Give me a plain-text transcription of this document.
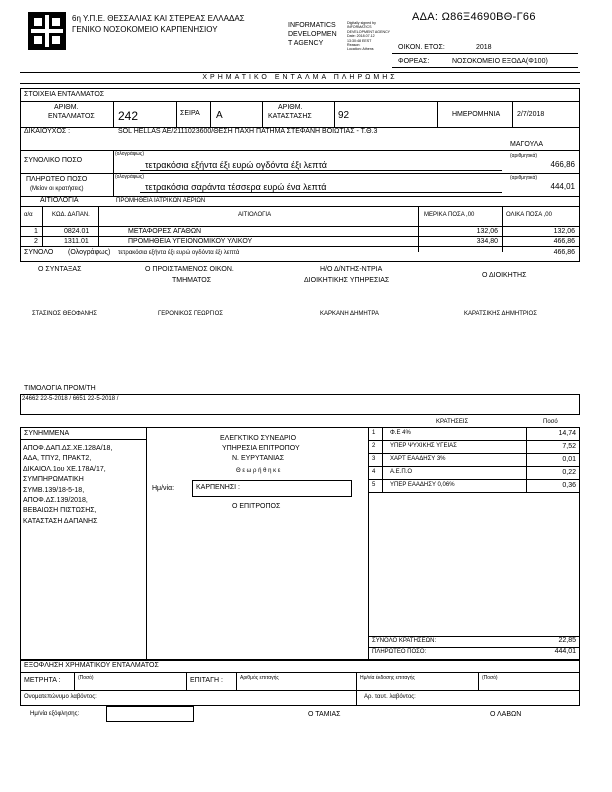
6η Υ.Π.Ε. ΘΕΣΣΑΛΙΑΣ ΚΑΙ ΣΤΕΡΕΑΣ ΕΛΛΑΔΑΣ
ΓΕΝΙΚΟ ΝΟΣΟΚΟΜΕΙΟ ΚΑΡΠΕΝΗΣΙΟΥ	INFORMATICS
DEVELOPMEN
T AGENCY
Digitally signed by
INFORMATICS
DEVELOPMENT AGENCY
Date: 2018.07.12
13:30:48 EEST
Reason:
Location: Athens
ΑΔΑ: Ω86Ξ4690ΒΘ-Γ66
ΟΙΚΟΝ. ΕΤΟΣ:	2018
ΦΟΡΕΑΣ:	ΝΟΣΟΚΟΜΕΙΟ ΕΞΟΔΑ(Φ100)
ΧΡΗΜΑΤΙΚΟ ΕΝΤΑΛΜΑ ΠΛΗΡΩΜΗΣ
ΣΤΟΙΧΕΙΑ ΕΝΤΑΛΜΑΤΟΣ
ΑΡΙΘΜ.
ΕΝΤΑΛΜΑΤΟΣ 242	ΣΕΙΡΑ Α
ΑΡΙΘΜ.
ΚΑΤΑΣΤΑΣΗΣ	92	ΗΜΕΡΟΜΗΝΙΑ 2/7/2018
ΔΙΚΑΙΟΥΧΟΣ :	SOL HELLAS AE/2111023600/ΘΕΣΗ ΠΑΧΗ ΠΑΤΗΜΑ ΣΤΕΦΑΝΗ ΒΟΙΩΤΙΑΣ - Τ.Θ.3
ΜΑΓΟΥΛΑ
ΣΥΝΟΛΙΚΟ ΠΟΣΟ
(ολογράφως)
τετρακόσια εξήντα έξι ευρώ ογδόντα έξι λεπτά
(αριθμητικά)
466,86
ΠΛΗΡΩΤΕΟ ΠΟΣΟ
(Μείον οι κρατήσεις)
(ολογράφως)
τετρακόσια σαράντα τέσσερα ευρώ ένα λεπτά
(αριθμητικά)
444,01
ΑΙΤΙΟΛΟΓΙΑ	ΠΡΟΜΗΘΕΙΑ ΙΑΤΡΙΚΩΝ ΑΕΡΙΩΝ
α/α	ΚΩΔ. ΔΑΠΑΝ.	ΑΙΤΙΟΛΟΓΙΑ	ΜΕΡΙΚΑ ΠΟΣΑ ,00	ΟΛΙΚΑ ΠΟΣΑ ,00
1	0824.01	ΜΕΤΑΦΟΡΕΣ ΑΓΑΘΩΝ	132,06	132,06
2	1311.01	ΠΡΟΜΗΘΕΙΑ ΥΓΕΙΟΝΟΜΙΚΟΥ ΥΛΙΚΟΥ	334,80	466,86
ΣΥΝΟΛΟ (Ολογράφως) τετρακόσια εξήντα έξι ευρώ ογδόντα έξι λεπτά	466,86
Ο ΣΥΝΤΑΞΑΣ	Ο ΠΡΟΙΣΤΑΜΕΝΟΣ ΟΙΚΟΝ.
ΤΜΗΜΑΤΟΣ
Η/Ο Δ/ΝΤΗΣ-ΝΤΡΙΑ
ΔΙΟΙΚΗΤΙΚΗΣ ΥΠΗΡΕΣΙΑΣ
Ο ΔΙΟΙΚΗΤΗΣ
ΣΤΑΣΙΝΟΣ ΘΕΟΦΑΝΗΣ	ΓΕΡΟΝΙΚΟΣ ΓΕΩΡΓΙΟΣ	ΚΑΡΚΑΝΗ ΔΗΜΗΤΡΑ	ΚΑΡΑΤΣΙΚΗΣ ΔΗΜΗΤΡΙΟΣ
ΤΙΜΟΛΟΓΙΑ ΠΡΟΜ/ΤΗ
24662 22-5-2018 / 6651 22-5-2018 /
ΚΡΑΤΗΣΕΙΣ	Ποσό
ΣΥΝΗΜΜΕΝΑ
ΑΠΟΦ.ΔΑΠ.ΔΣ.ΧΕ.128Α/18,
ΑΔΑ, ΤΠΥ2, ΠΡΑΚΤ2,
ΔΙΚΑΙΟΛ.1ου ΧΕ.178Α/17,
ΣΥΜΠΗΡΩΜΑΤΙΚΗ
ΣΥΜΒ.139/18-5-18,
ΑΠΟΦ.ΔΣ.139/2018,
ΒΕΒΑΙΩΣΗ ΠΙΣΤΩΣΗΣ,
ΚΑΤΑΣΤΑΣΗ ΔΑΠΑΝΗΣ
ΕΛΕΓΚΤΙΚΟ ΣΥΝΕΔΡΙΟ
ΥΠΗΡΕΣΙΑ ΕΠΙΤΡΟΠΟΥ
Ν. ΕΥΡΥΤΑΝΙΑΣ
Θ ε ω ρ ή θ η κ ε
Ημ/νία:	ΚΑΡΠΕΝΗΣΙ :
Ο ΕΠΙΤΡΟΠΟΣ
1 Φ.Ε 4%	14,74
2 ΥΠΕΡ ΨΥΧΙΚΗΣ ΥΓΕΙΑΣ	7,52
3 ΧΑΡΤ ΕΑΑΔΗΣΥ 3%	0,01
4 Α.Ε.Π.Ο	0,22
5 ΥΠΕΡ ΕΑΑΔΗΣΥ 0,06%	0,36
ΣΥΝΟΛΟ ΚΡΑΤΗΣΕΩΝ:	22,85
ΠΛΗΡΩΤΕΟ ΠΟΣΟ:	444,01
ΕΞΟΦΛΗΣΗ ΧΡΗΜΑΤΙΚΟΥ ΕΝΤΑΛΜΑΤΟΣ
ΜΕΤΡΗΤΑ :	(Ποσό)	ΕΠΙΤΑΓΗ :	Αριθμός επιταγής	Ημ/νία έκδοσης επιταγής	(Ποσό)
Ονοματεπώνυμο λαβόντος:	Αρ. ταυτ. λαβόντος:
Ημ/νία εξόφλησης:	Ο ΤΑΜΙΑΣ	Ο ΛΑΒΩΝ
